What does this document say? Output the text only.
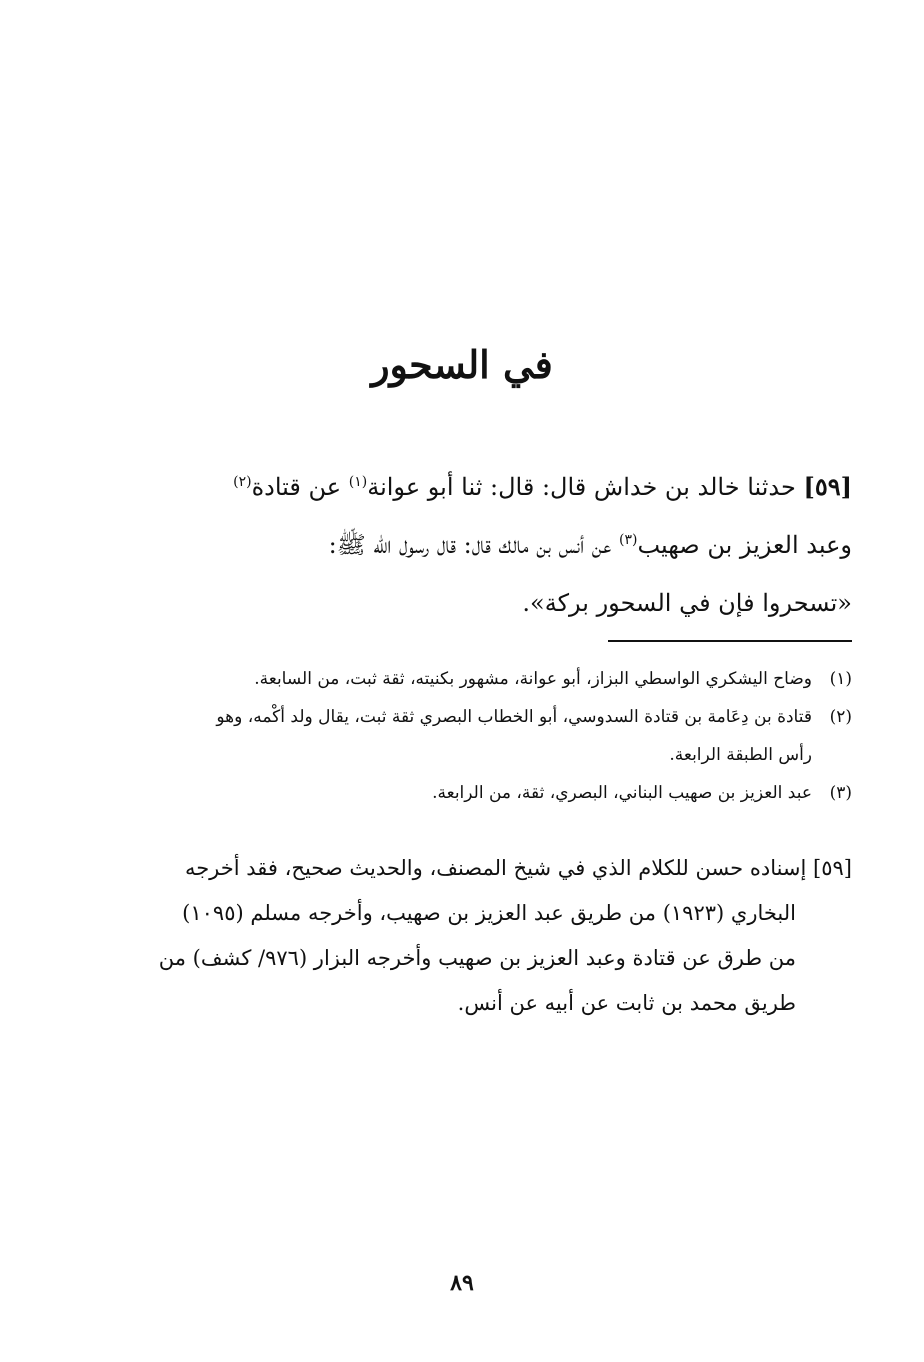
في السحور
[٥٩] حدثنا خالد بن خداش قال: قال: ثنا أبو عوانة$^{(١)}$ عن قتادة$^{(٢)}$
وعبد العزيز بن صهيب$^{(٣)}$ عن أنس بن مالك قال: قال رسول الله ﷺ:
«تسحروا فإن في السحور بركة».
(١)
وضاح اليشكري الواسطي البزاز، أبو عوانة، مشهور بكنيته، ثقة ثبت، من السابعة.
(٢)
قتادة بن دِعَامة بن قتادة السدوسي، أبو الخطاب البصري ثقة ثبت، يقال ولد أكْمه، وهو
رأس الطبقة الرابعة.
(٣)
عبد العزيز بن صهيب البناني، البصري، ثقة، من الرابعة.
[٥٩] إسناده حسن للكلام الذي في شيخ المصنف، والحديث صحيح، فقد أخرجه
البخاري (١٩٢٣) من طريق عبد العزيز بن صهيب، وأخرجه مسلم (١٠٩٥)
من طرق عن قتادة وعبد العزيز بن صهيب وأخرجه البزار (٩٧٦/ كشف) من
طريق محمد بن ثابت عن أبيه عن أنس.
٨٩
